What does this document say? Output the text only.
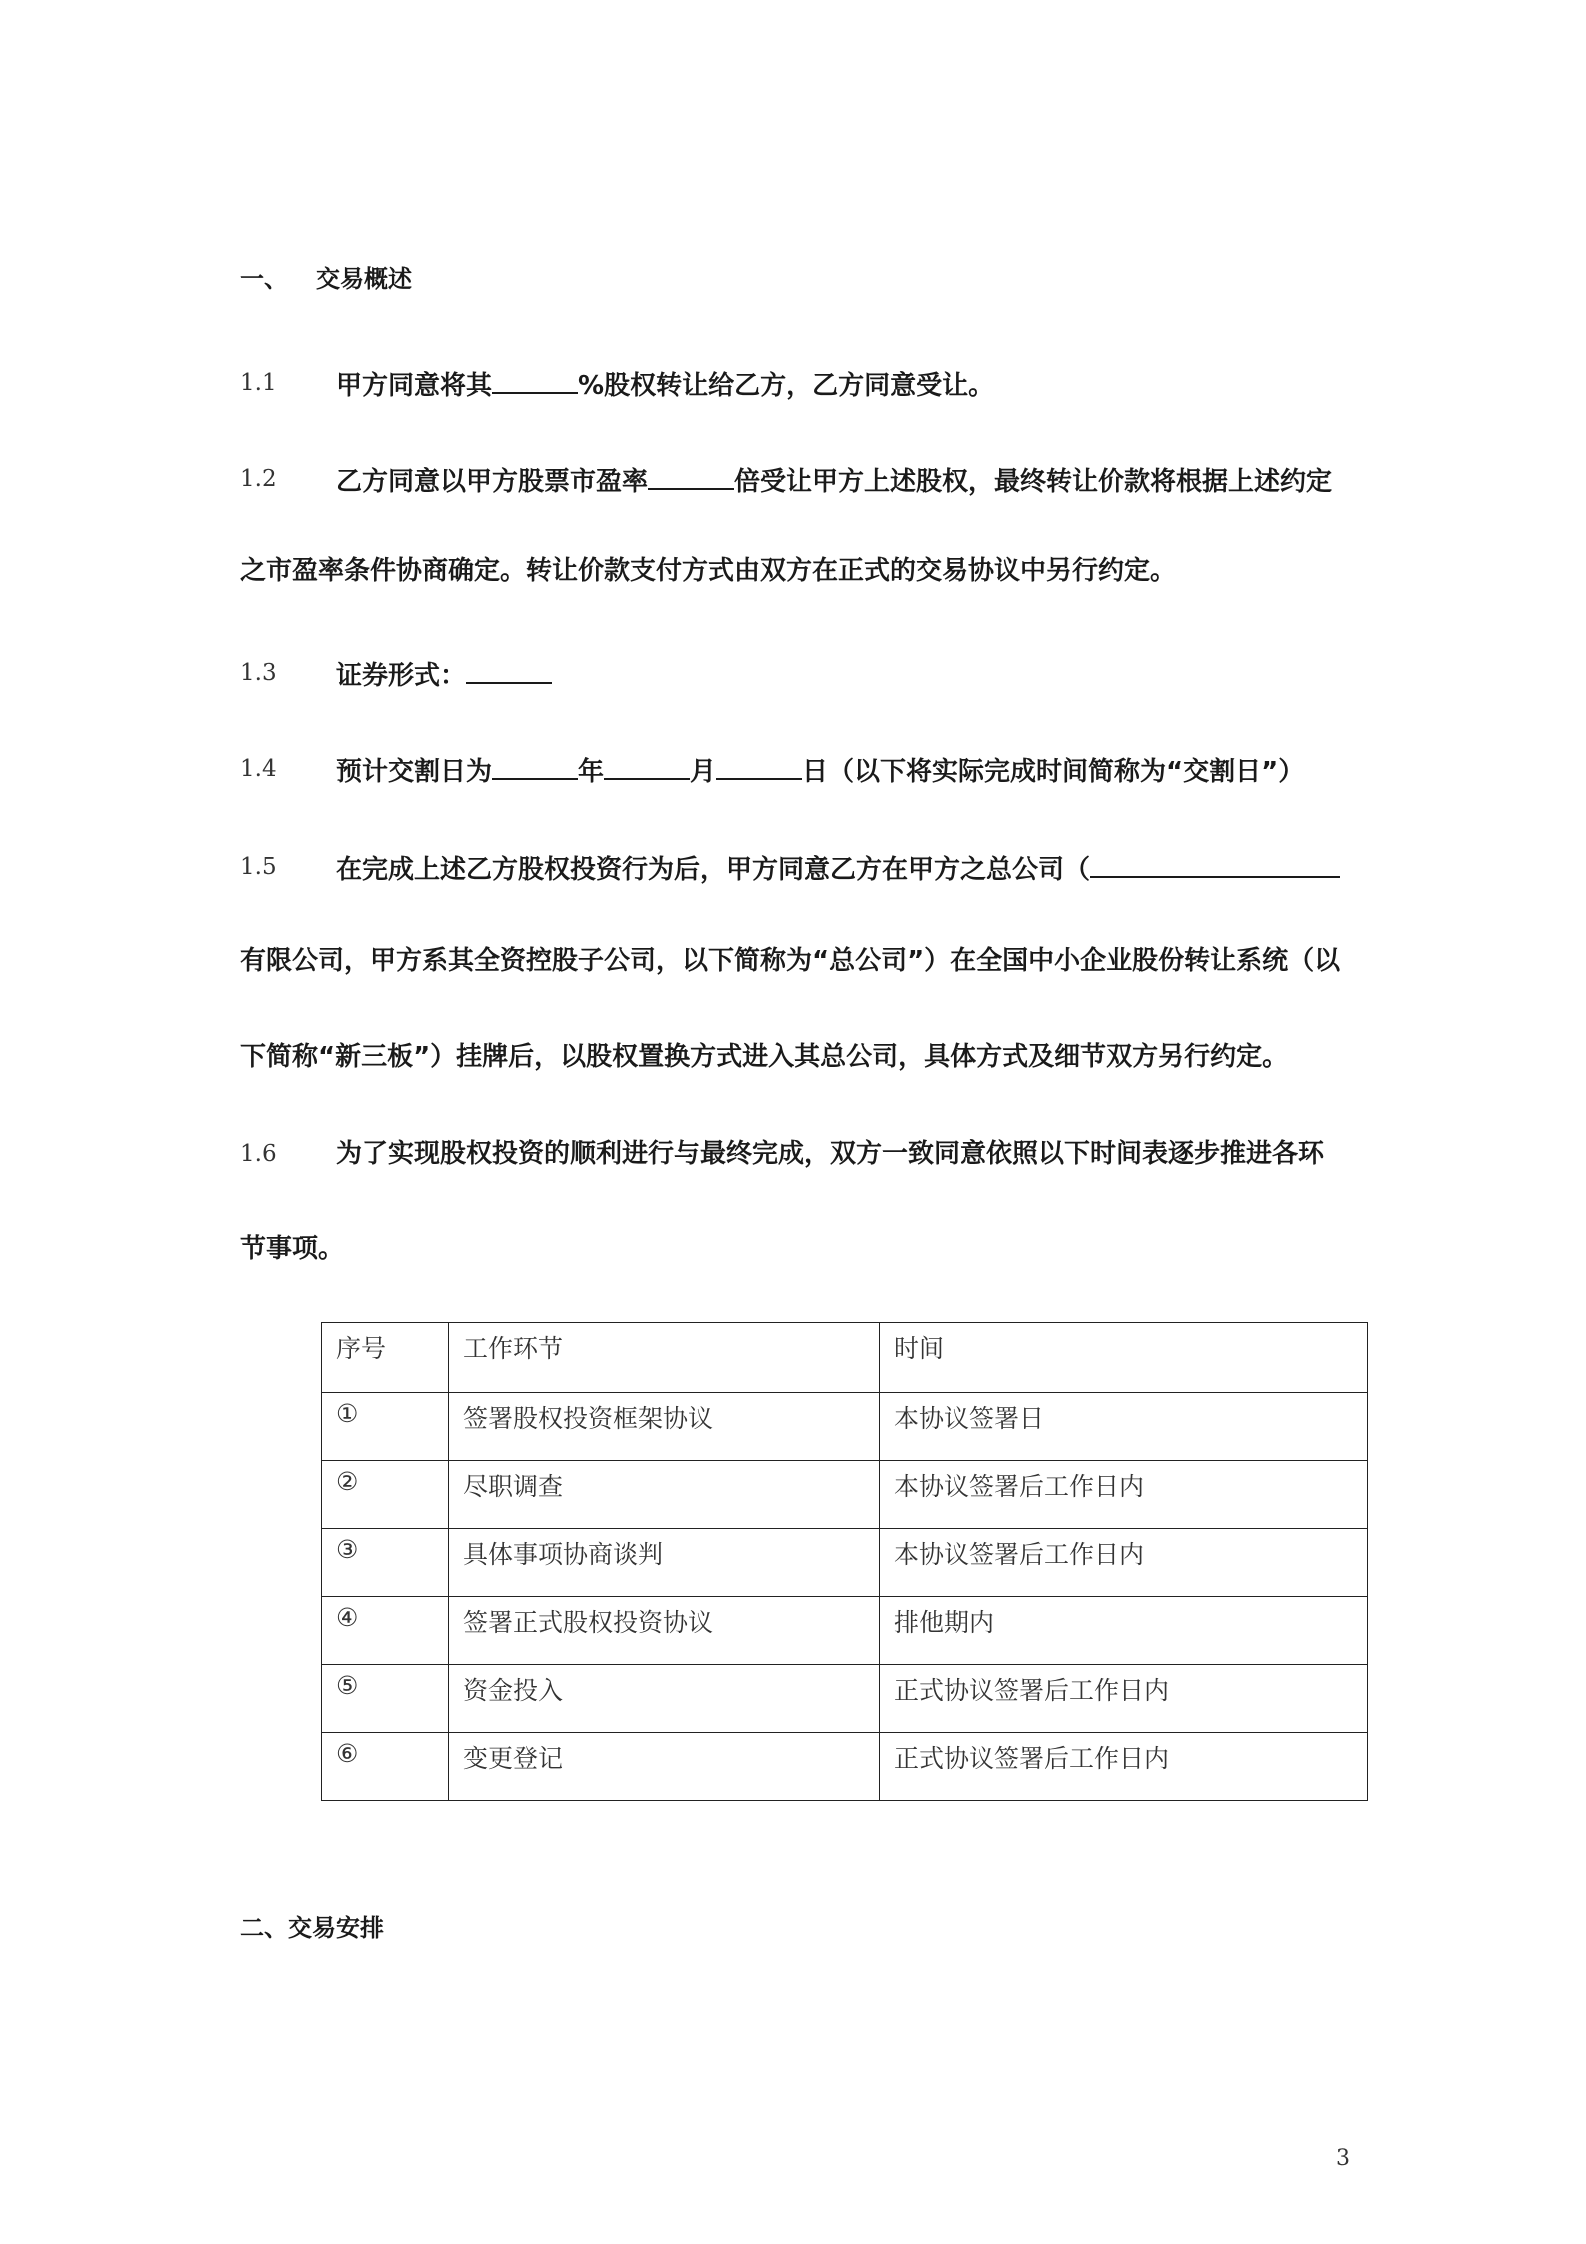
一、 交易概述
1.1 甲方同意将其	%股权转让给乙方，乙方同意受让。
1.2 乙方同意以甲方股票市盈率	倍受让甲方上述股权，最终转让价款将根据上述约定
之市盈率条件协商确定。转让价款支付方式由双方在正式的交易协议中另行约定。
1.3 证券形式：
1.4 预计交割日为	年	月	日（以下将实际完成时间简称为“交割日”）
1.5 在完成上述乙方股权投资行为后，甲方同意乙方在甲方之总公司（
有限公司，甲方系其全资控股子公司，以下简称为“总公司”）在全国中小企业股份转让系统（以
下简称“新三板”）挂牌后，以股权置换方式进入其总公司，具体方式及细节双方另行约定。
1.6 为了实现股权投资的顺利进行与最终完成，双方一致同意依照以下时间表逐步推进各环
节事项。
序号	工作环节	时间
①	签署股权投资框架协议	本协议签署日
②	尽职调查	本协议签署后工作日内
③	具体事项协商谈判	本协议签署后工作日内
④	签署正式股权投资协议	排他期内
⑤	资金投入	正式协议签署后工作日内
⑥	变更登记	正式协议签署后工作日内
二、交易安排
3
